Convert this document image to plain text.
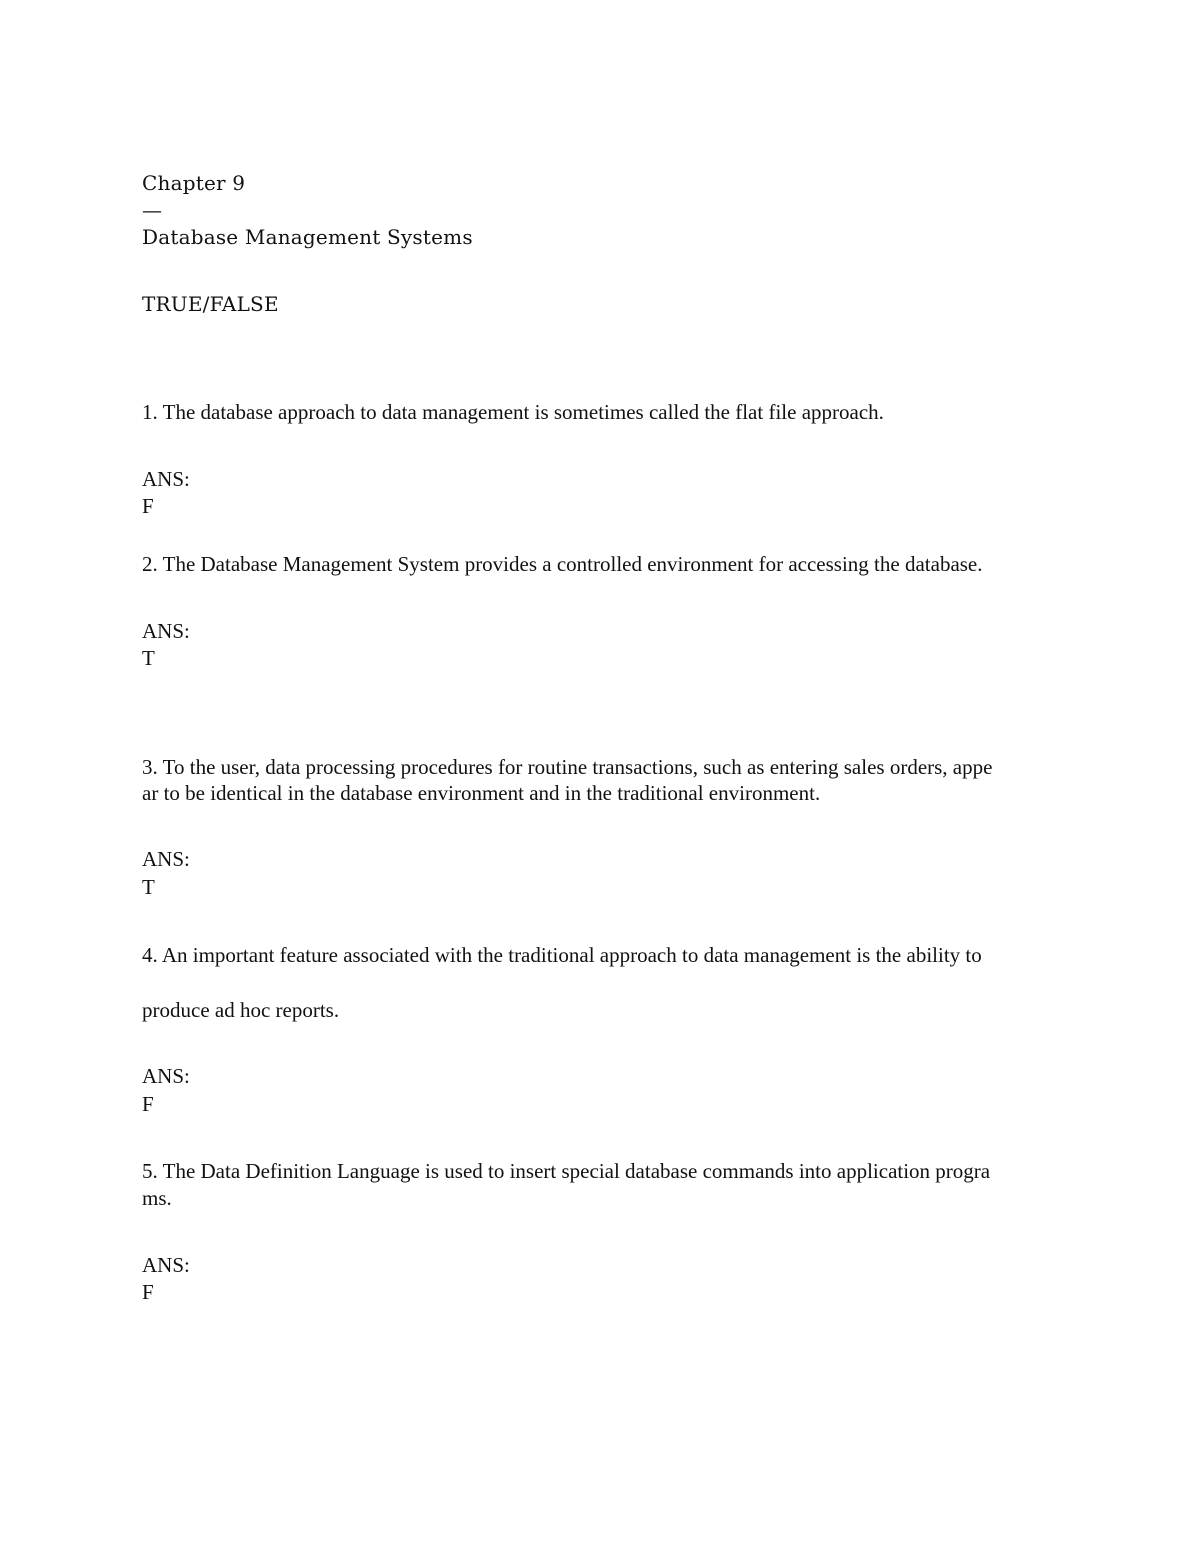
Chapter 9
—
Database Management Systems
TRUE/FALSE
1. The database approach to data management is sometimes called the flat file approach.
ANS:
F
2. The Database Management System provides a controlled environment for accessing the database.
ANS:
T
3. To the user, data processing procedures for routine transactions, such as entering sales orders, appe
ar to be identical in the database environment and in the traditional environment.
ANS:
T
4. An important feature associated with the traditional approach to data management is the ability to
produce ad hoc reports.
ANS:
F
5. The Data Definition Language is used to insert special database commands into application progra
ms.
ANS:
F
